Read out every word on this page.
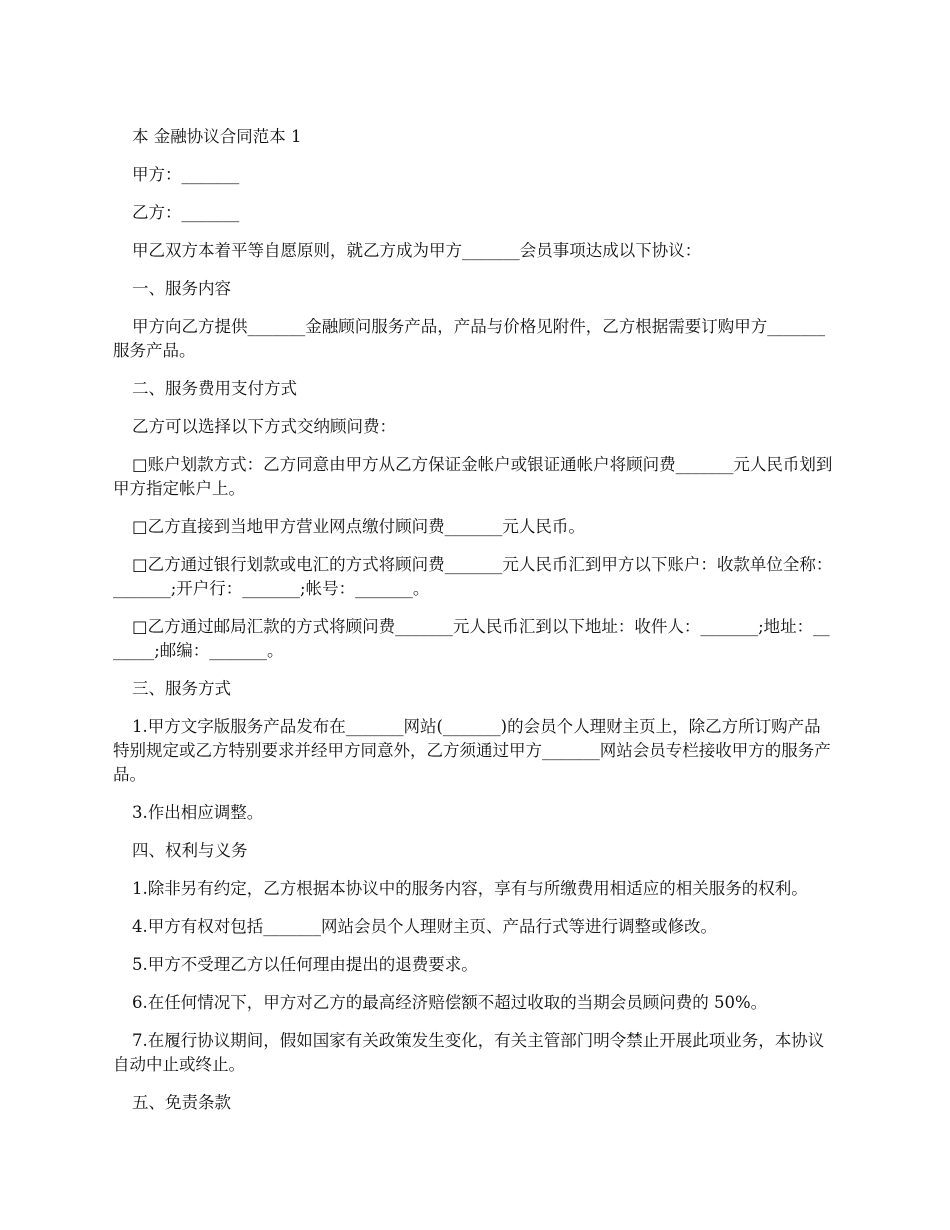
本 金融协议合同范本 1

甲方：_______

乙方：_______

甲乙双方本着平等自愿原则，就乙方成为甲方_______会员事项达成以下协议：

一、服务内容

甲方向乙方提供_______金融顾问服务产品，产品与价格见附件，乙方根据需要订购甲方_______服务产品。

二、服务费用支付方式

乙方可以选择以下方式交纳顾问费：

□账户划款方式：乙方同意由甲方从乙方保证金帐户或银证通帐户将顾问费_______元人民币划到甲方指定帐户上。

□乙方直接到当地甲方营业网点缴付顾问费_______元人民币。

□乙方通过银行划款或电汇的方式将顾问费_______元人民币汇到甲方以下账户：收款单位全称：_______;开户行：_______;帐号：_______。

□乙方通过邮局汇款的方式将顾问费_______元人民币汇到以下地址：收件人：_______;地址：_______;邮编：_______。

三、服务方式

1.甲方文字版服务产品发布在_______网站(_______)的会员个人理财主页上，除乙方所订购产品特别规定或乙方特别要求并经甲方同意外，乙方须通过甲方_______网站会员专栏接收甲方的服务产品。

3.作出相应调整。

四、权利与义务

1.除非另有约定，乙方根据本协议中的服务内容，享有与所缴费用相适应的相关服务的权利。

4.甲方有权对包括_______网站会员个人理财主页、产品行式等进行调整或修改。

5.甲方不受理乙方以任何理由提出的退费要求。

6.在任何情况下，甲方对乙方的最高经济赔偿额不超过收取的当期会员顾问费的 50%。

7.在履行协议期间，假如国家有关政策发生变化，有关主管部门明令禁止开展此项业务，本协议自动中止或终止。

五、免责条款
